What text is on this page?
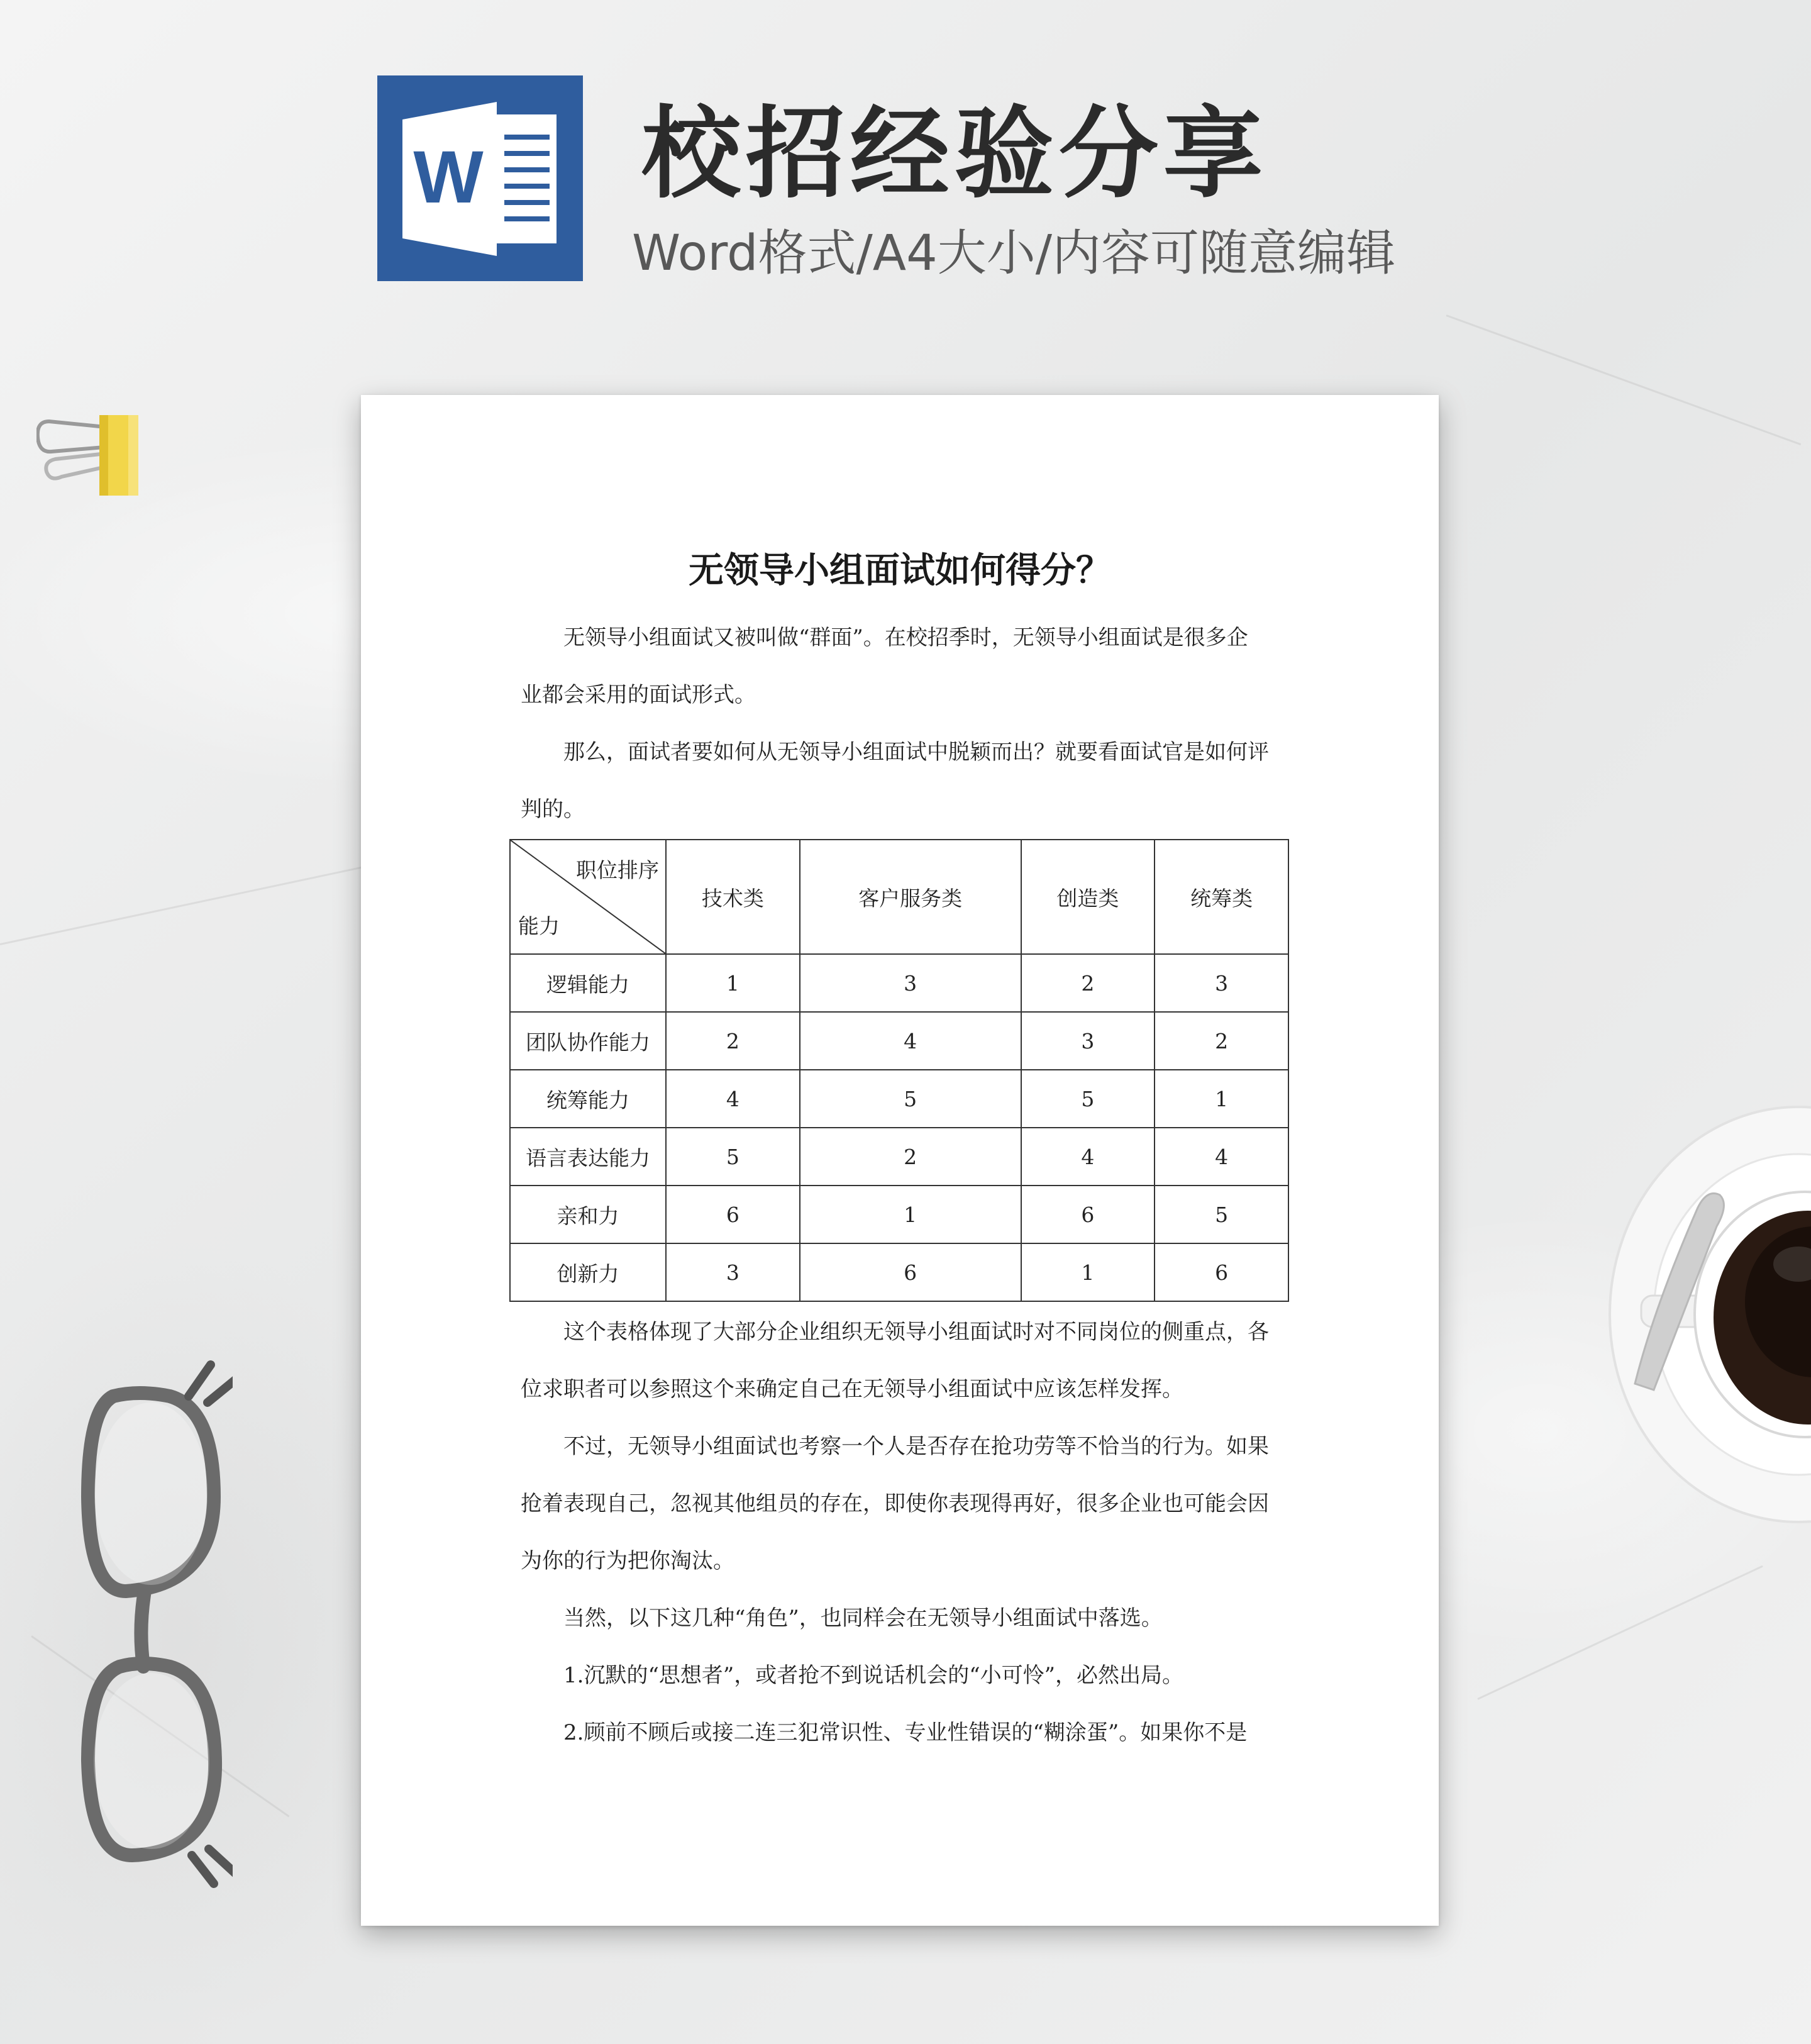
W 校招经验分享
Word格式/A4大小/内容可随意编辑
无领导小组面试如何得分？
无领导小组面试又被叫做“群面”。在校招季时，无领导小组面试是很多企
业都会采用的面试形式。
那么，面试者要如何从无领导小组面试中脱颖而出？就要看面试官是如何评
判的。
职位排序
能力	技术类	客户服务类	创造类	统筹类
逻辑能力	1	3	2	3
团队协作能力	2	4	3	2
统筹能力	4	5	5	1
语言表达能力	5	2	4	4
亲和力	6	1	6	5
创新力	3	6	1	6
这个表格体现了大部分企业组织无领导小组面试时对不同岗位的侧重点，各
位求职者可以参照这个来确定自己在无领导小组面试中应该怎样发挥。
不过，无领导小组面试也考察一个人是否存在抢功劳等不恰当的行为。如果
抢着表现自己，忽视其他组员的存在，即使你表现得再好，很多企业也可能会因
为你的行为把你淘汰。
当然，以下这几种“角色”，也同样会在无领导小组面试中落选。
1.沉默的“思想者”，或者抢不到说话机会的“小可怜”，必然出局。
2.顾前不顾后或接二连三犯常识性、专业性错误的“糊涂蛋”。如果你不是
